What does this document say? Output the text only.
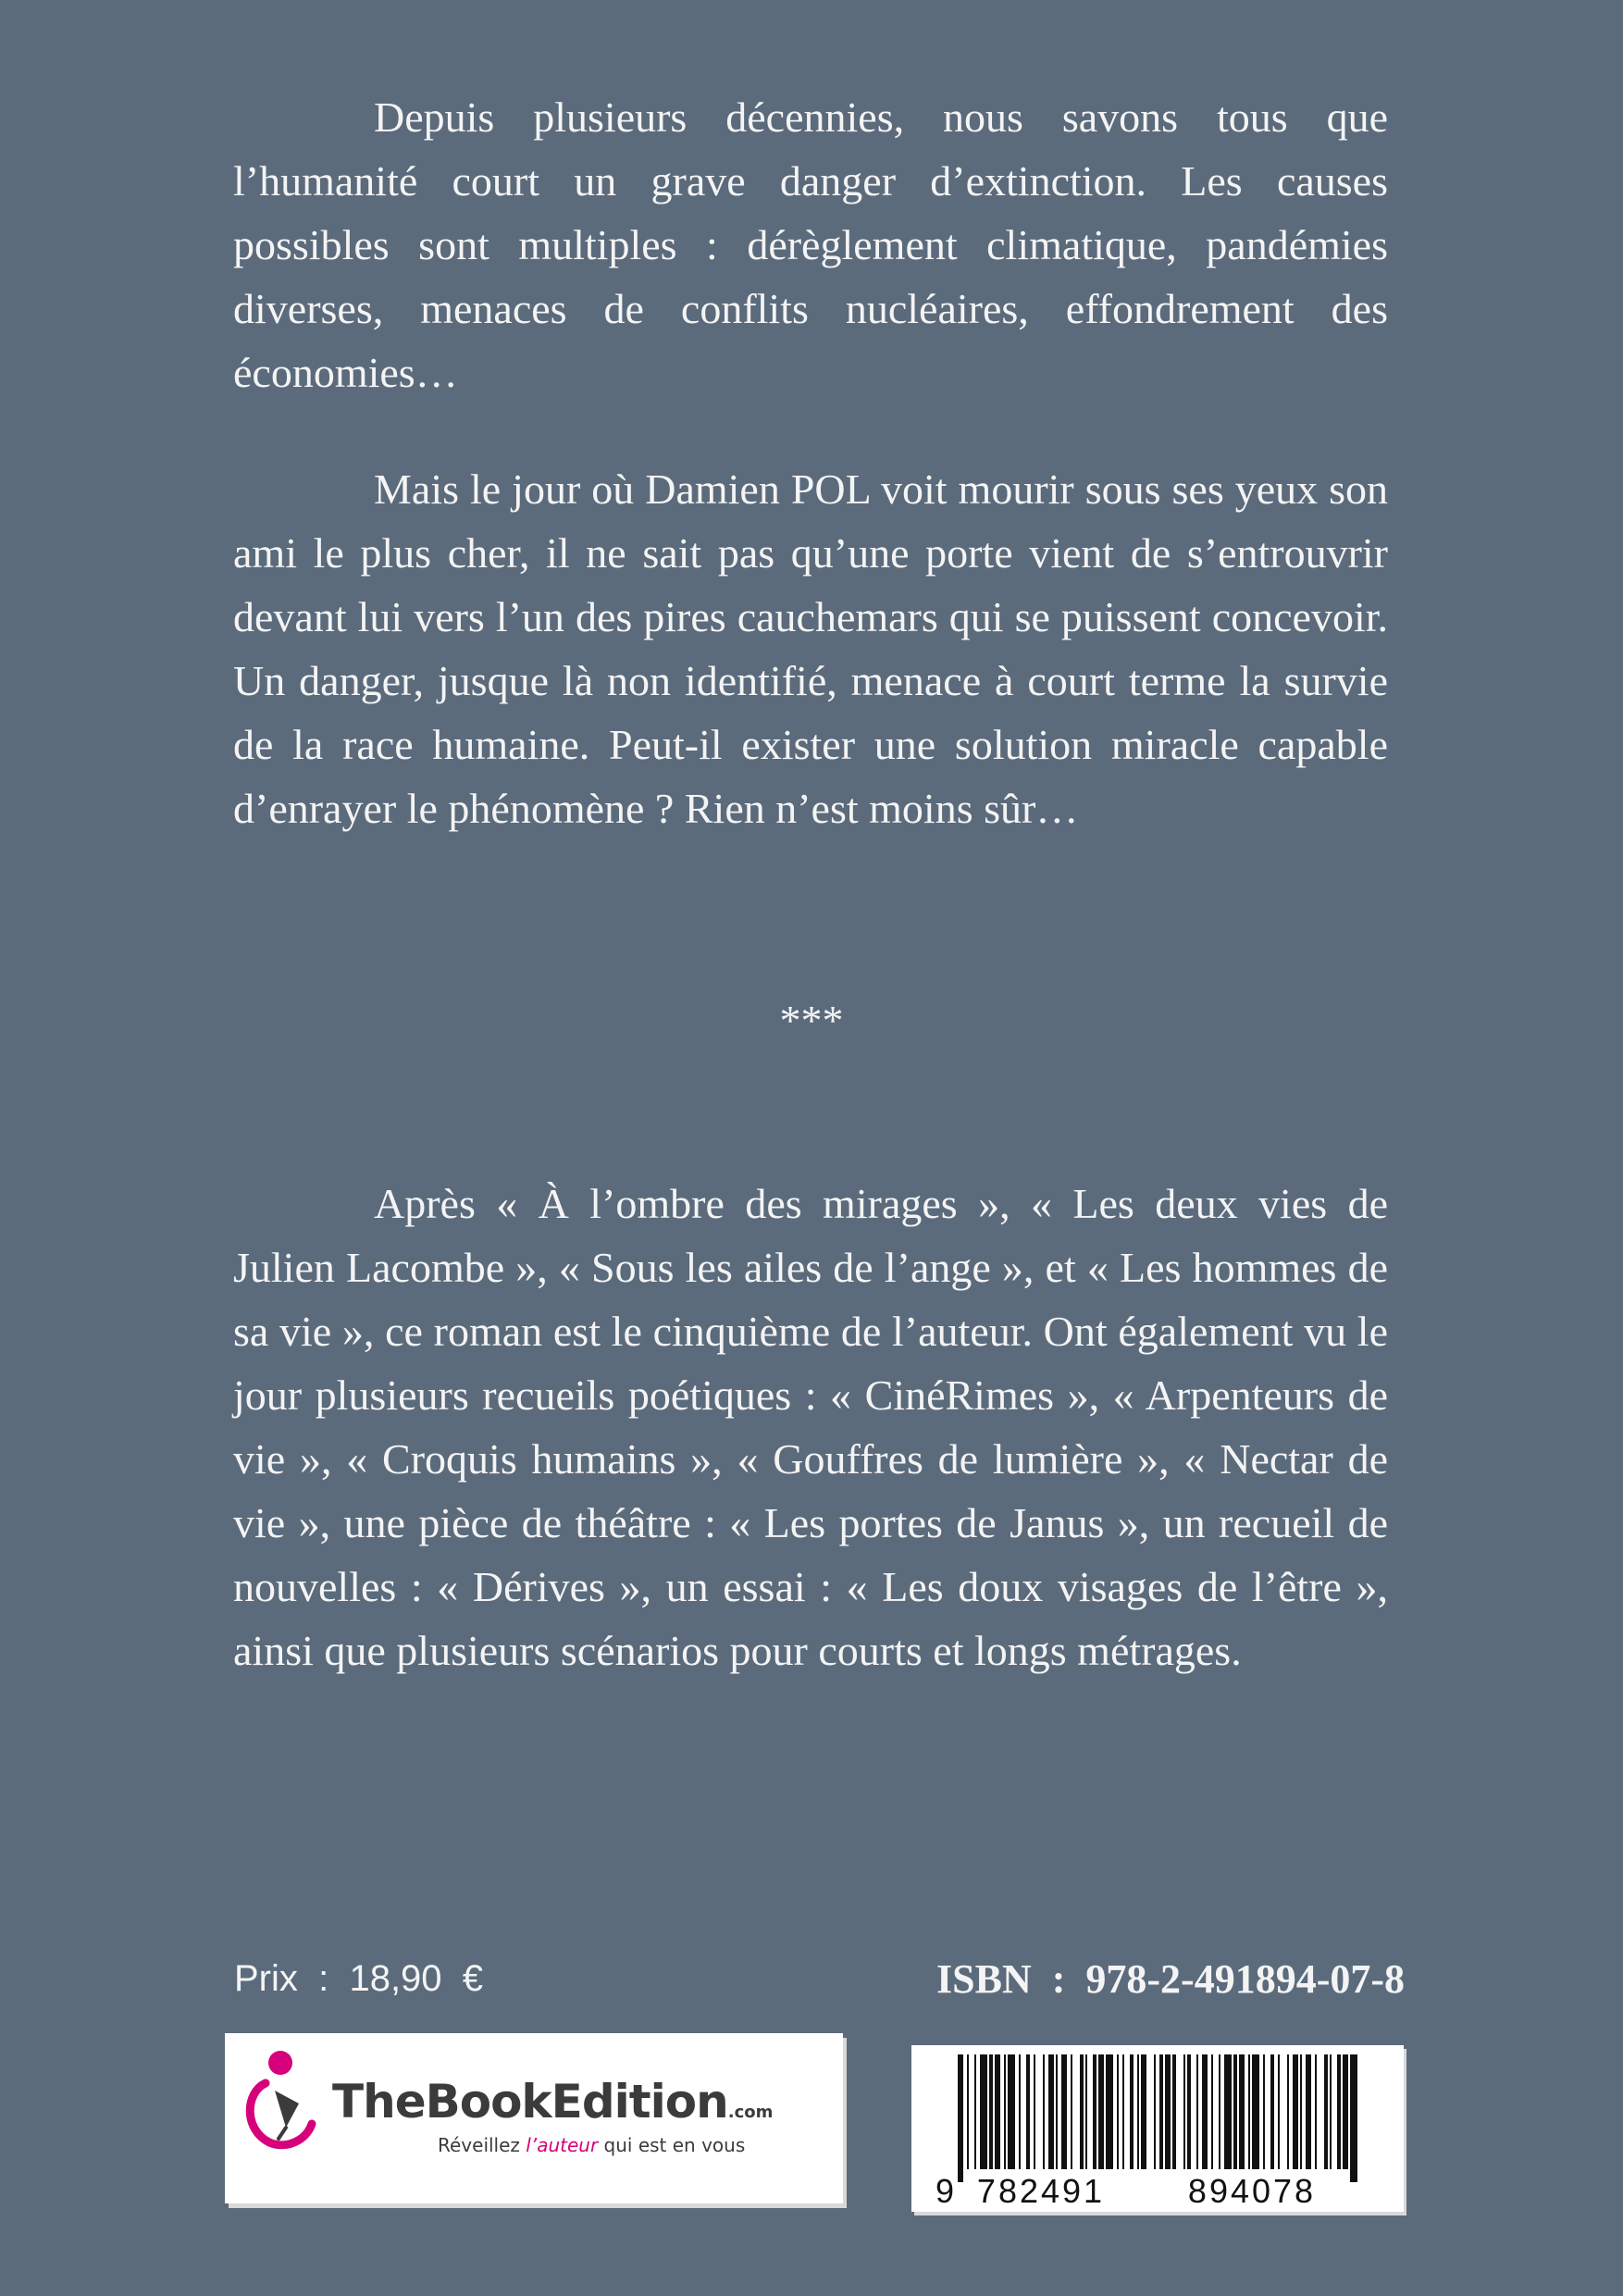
Depuis plusieurs décennies, nous savons tous que l’humanité court un grave danger d’extinction. Les causes possibles sont multiples : dérèglement climatique, pandémies diverses, menaces de conflits nucléaires, effondrement des économies…

Mais le jour où Damien POL voit mourir sous ses yeux son ami le plus cher, il ne sait pas qu’une porte vient de s’entrouvrir devant lui vers l’un des pires cauchemars qui se puissent concevoir. Un danger, jusque là non identifié, menace à court terme la survie de la race humaine. Peut-il exister une solution miracle capable d’enrayer le phénomène ? Rien n’est moins sûr…

***

Après « À l’ombre des mirages », « Les deux vies de Julien Lacombe », « Sous les ailes de l’ange », et « Les hommes de sa vie », ce roman est le cinquième de l’auteur. Ont également vu le jour plusieurs recueils poétiques : « CinéRimes », « Arpenteurs de vie », « Croquis humains », « Gouffres de lumière », « Nectar de vie », une pièce de théâtre : « Les portes de Janus », un recueil de nouvelles : « Dérives », un essai : « Les doux visages de l’être », ainsi que plusieurs scénarios pour courts et longs métrages.

Prix  :  18,90  €	ISBN  :  978-2-491894-07-8
TheBookEdition.com
Réveillez l’auteur qui est en vous
9 782491 894078
